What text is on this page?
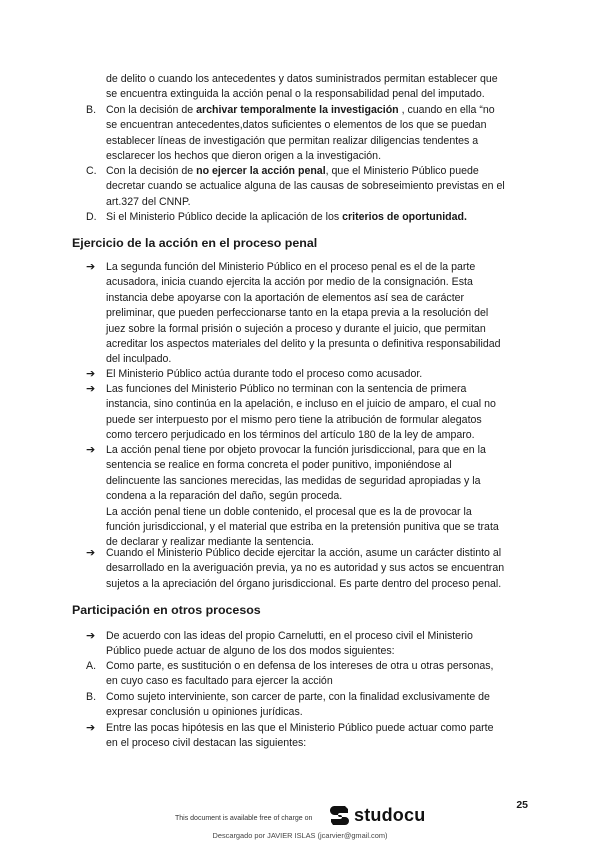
de delito o cuando los antecedentes y datos suministrados permitan establecer que
se encuentra extinguida la acción penal o la responsabilidad penal del imputado.
B. Con la decisión de archivar temporalmente la investigación , cuando en ella “no
se encuentran antecedentes,datos suficientes o elementos de los que se puedan
establecer líneas de investigación que permitan realizar diligencias tendentes a
esclarecer los hechos que dieron origen a la investigación.
C. Con la decisión de no ejercer la acción penal, que el Ministerio Público puede
decretar cuando se actualice alguna de las causas de sobreseimiento previstas en el
art.327 del CNNP.
D. Si el Ministerio Público decide la aplicación de los criterios de oportunidad.
Ejercicio de la acción en el proceso penal
➔ La segunda función del Ministerio Público en el proceso penal es el de la parte
acusadora, inicia cuando ejercita la acción por medio de la consignación. Esta
instancia debe apoyarse con la aportación de elementos así sea de carácter
preliminar, que pueden perfeccionarse tanto en la etapa previa a la resolución del
juez sobre la formal prisión o sujeción a proceso y durante el juicio, que permitan
acreditar los aspectos materiales del delito y la presunta o definitiva responsabilidad
del inculpado.
➔ El Ministerio Público actúa durante todo el proceso como acusador.
➔ Las funciones del Ministerio Público no terminan con la sentencia de primera
instancia, sino continúa en la apelación, e incluso en el juicio de amparo, el cual no
puede ser interpuesto por el mismo pero tiene la atribución de formular alegatos
como tercero perjudicado en los términos del artículo 180 de la ley de amparo.
➔ La acción penal tiene por objeto provocar la función jurisdiccional, para que en la
sentencia se realice en forma concreta el poder punitivo, imponiéndose al
delincuente las sanciones merecidas, las medidas de seguridad apropiadas y la
condena a la reparación del daño, según proceda.
La acción penal tiene un doble contenido, el procesal que es la de provocar la
función jurisdiccional, y el material que estriba en la pretensión punitiva que se trata
de declarar y realizar mediante la sentencia.
➔ Cuando el Ministerio Público decide ejercitar la acción, asume un carácter distinto al
desarrollado en la averiguación previa, ya no es autoridad y sus actos se encuentran
sujetos a la apreciación del órgano jurisdiccional. Es parte dentro del proceso penal.
Participación en otros procesos
➔ De acuerdo con las ideas del propio Carnelutti, en el proceso civil el Ministerio
Público puede actuar de alguno de los dos modos siguientes:
A. Como parte, es sustitución o en defensa de los intereses de otra u otras personas,
en cuyo caso es facultado para ejercer la acción
B. Como sujeto interviniente, son carcer de parte, con la finalidad exclusivamente de
expresar conclusión u opiniones jurídicas.
➔ Entre las pocas hipótesis en las que el Ministerio Público puede actuar como parte
en el proceso civil destacan las siguientes:
25
This document is available free of charge on studocu
Descargado por JAVIER ISLAS (jcarvier@gmail.com)
